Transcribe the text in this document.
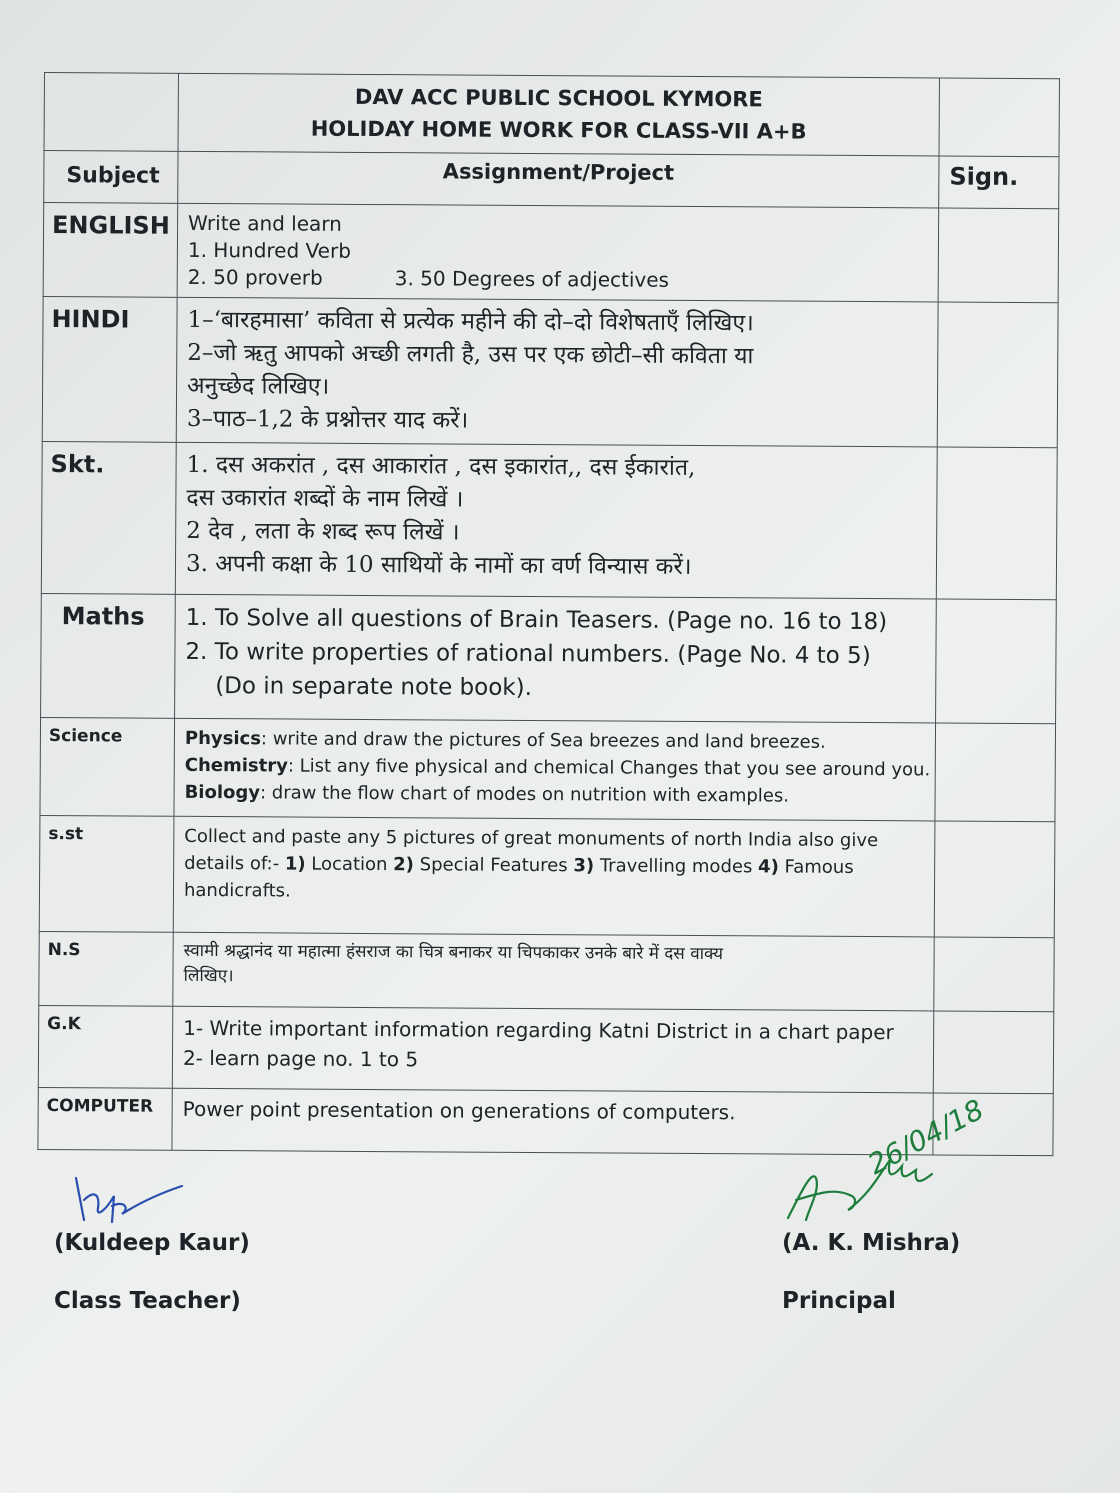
	DAV ACC PUBLIC SCHOOL KYMORE
HOLIDAY HOME WORK FOR CLASS-VII A+B	

Subject	Assignment/Project	Sign.
ENGLISH	Write and learn
1. Hundred Verb
2. 50 proverb 3. 50 Degrees of adjectives	

HINDI	1–‘बारहमासा’ कविता से प्रत्येक महीने की दो–दो विशेषताएँ लिखिए।
2–जो ऋतु आपको अच्छी लगती है, उस पर एक छोटी–सी कविता या
अनुच्छेद लिखिए।
3–पाठ–1,2 के प्रश्नोत्तर याद करें।	

Skt.	1. दस अकरांत , दस आकारांत , दस इकारांत,, दस ईकारांत,
दस उकारांत शब्दों के नाम लिखें ।
2 देव , लता के शब्द रूप लिखें ।
3. अपनी कक्षा के 10 साथियों के नामों का वर्ण विन्यास करें।	

Maths	1. To Solve all questions of Brain Teasers. (Page no. 16 to 18)
2. To write properties of rational numbers. (Page No. 4 to 5)
(Do in separate note book).	

Science	Physics: write and draw the pictures of Sea breezes and land breezes.
Chemistry: List any five physical and chemical Changes that you see around you.
Biology: draw the flow chart of modes on nutrition with examples.	

s.st	Collect and paste any 5 pictures of great monuments of north India also give
details of:- 1) Location 2) Special Features 3) Travelling modes 4) Famous
handicrafts.	

N.S	स्वामी श्रद्धानंद या महात्मा हंसराज का चित्र बनाकर या चिपकाकर उनके बारे में दस वाक्य
लिखिए।	

G.K	1- Write important information regarding Katni District in a chart paper
2- learn page no. 1 to 5	

COMPUTER	Power point presentation on generations of computers.	

(Kuldeep Kaur)
Class Teacher)
26/04/18
(A. K. Mishra)
Principal
